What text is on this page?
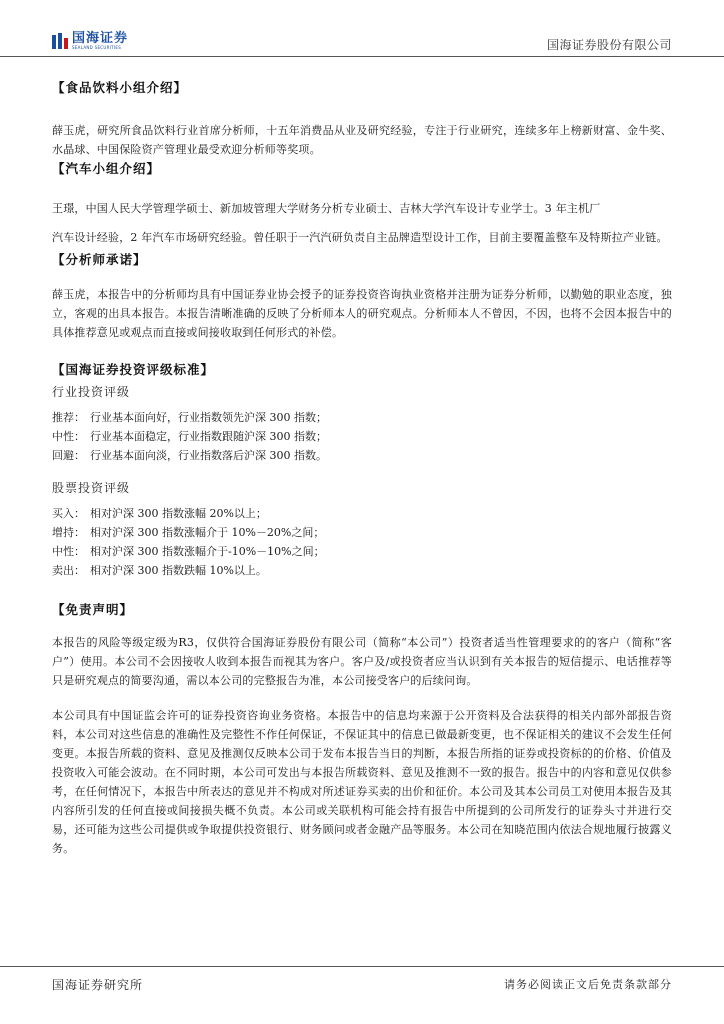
国海证券
SEALAND SECURITIES	国海证券股份有限公司
【食品饮料小组介绍】

薛玉虎，研究所食品饮料行业首席分析师，十五年消费品从业及研究经验，专注于行业研究，连续多年上榜新财富、金牛奖、水晶球、中国保险资产管理业最受欢迎分析师等奖项。

【汽车小组介绍】

王璟，中国人民大学管理学硕士、新加坡管理大学财务分析专业硕士、吉林大学汽车设计专业学士。3 年主机厂

汽车设计经验，2 年汽车市场研究经验。曾任职于一汽汽研负责自主品牌造型设计工作，目前主要覆盖整车及特斯拉产业链。

【分析师承诺】

薛玉虎，本报告中的分析师均具有中国证券业协会授予的证券投资咨询执业资格并注册为证券分析师，以勤勉的职业态度，独立，客观的出具本报告。本报告清晰准确的反映了分析师本人的研究观点。分析师本人不曾因，不因，也将不会因本报告中的具体推荐意见或观点而直接或间接收取到任何形式的补偿。

【国海证券投资评级标准】
行业投资评级
推荐： 行业基本面向好，行业指数领先沪深 300 指数；
中性： 行业基本面稳定，行业指数跟随沪深 300 指数；
回避： 行业基本面向淡，行业指数落后沪深 300 指数。
股票投资评级
买入： 相对沪深 300 指数涨幅 20%以上；
增持： 相对沪深 300 指数涨幅介于 10%－20%之间；
中性： 相对沪深 300 指数涨幅介于-10%－10%之间；
卖出： 相对沪深 300 指数跌幅 10%以上。
【免责声明】

本报告的风险等级定级为R3，仅供符合国海证券股份有限公司（简称“本公司”）投资者适当性管理要求的的客户（简称“客户”）使用。本公司不会因接收人收到本报告而视其为客户。客户及/或投资者应当认识到有关本报告的短信提示、电话推荐等只是研究观点的简要沟通，需以本公司的完整报告为准，本公司接受客户的后续问询。

本公司具有中国证监会许可的证券投资咨询业务资格。本报告中的信息均来源于公开资料及合法获得的相关内部外部报告资料，本公司对这些信息的准确性及完整性不作任何保证，不保证其中的信息已做最新变更，也不保证相关的建议不会发生任何变更。本报告所载的资料、意见及推测仅反映本公司于发布本报告当日的判断，本报告所指的证券或投资标的的价格、价值及投资收入可能会波动。在不同时期，本公司可发出与本报告所载资料、意见及推测不一致的报告。报告中的内容和意见仅供参考，在任何情况下，本报告中所表达的意见并不构成对所述证券买卖的出价和征价。本公司及其本公司员工对使用本报告及其内容所引发的任何直接或间接损失概不负责。本公司或关联机构可能会持有报告中所提到的公司所发行的证券头寸并进行交易，还可能为这些公司提供或争取提供投资银行、财务顾问或者金融产品等服务。本公司在知晓范围内依法合规地履行披露义务。

国海证券研究所	请务必阅读正文后免责条款部分
